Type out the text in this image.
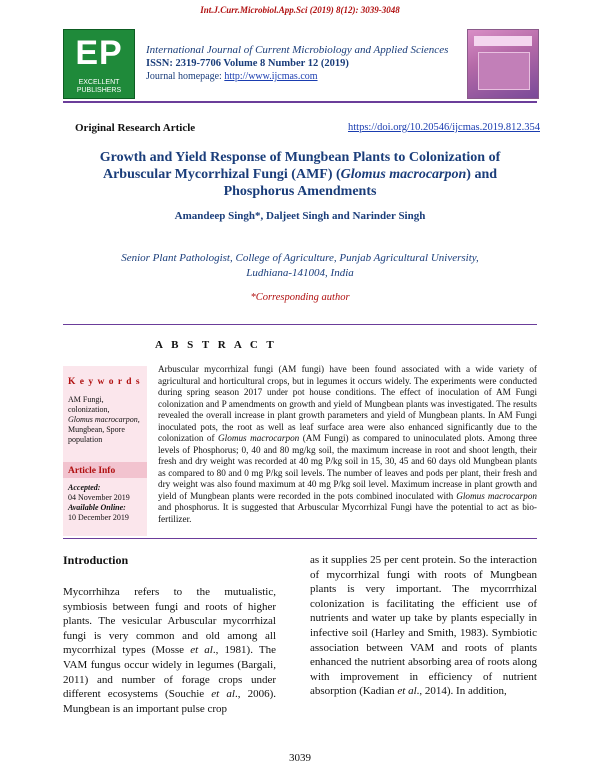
Int.J.Curr.Microbiol.App.Sci (2019) 8(12): 3039-3048
EP
EXCELLENT
PUBLISHERS
International Journal of Current Microbiology and Applied Sciences
ISSN: 2319-7706 Volume 8 Number 12 (2019)
Journal homepage: http://www.ijcmas.com
Original Research Article	https://doi.org/10.20546/ijcmas.2019.812.354
Growth and Yield Response of Mungbean Plants to Colonization of Arbuscular Mycorrhizal Fungi (AMF) (Glomus macrocarpon) and Phosphorus Amendments
Amandeep Singh*, Daljeet Singh and Narinder Singh
Senior Plant Pathologist, College of Agriculture, Punjab Agricultural University,
Ludhiana-141004, India
*Corresponding author
A B S T R A C T
K e y w o r d s
AM Fungi,
colonization,
Glomus macrocarpon,
Mungbean, Spore population
Article Info
Accepted:
04 November 2019
Available Online:
10 December 2019
Arbuscular mycorrhizal fungi (AM fungi) have been found associated with a wide variety of agricultural and horticultural crops, but in legumes it occurs widely. The experiments were conducted during spring season 2017 under pot house conditions. The effect of inoculation of AM Fungi colonization and P amendments on growth and yield of Mungbean plants was investigated. The results revealed the overall increase in plant growth parameters and yield of Mungbean plants. In AM Fungi inoculated pots, the root as well as leaf surface area were also enhanced significantly due to the colonization of Glomus macrocarpon (AM Fungi) as compared to uninoculated plots. Among three levels of Phosphorus; 0, 40 and 80 mg/kg soil, the maximum increase in root and shoot length, their fresh and dry weight was recorded at 40 mg P/kg soil in 15, 30, 45 and 60 days old Mungbean plants as compared to 80 and 0 mg P/kg soil levels. The number of leaves and pods per plant, their fresh and dry weight was also found maximum at 40 mg P/kg soil level. Maximum increase in plant growth and yield of Mungbean plants were recorded in the pots combined inoculated with Glomus macrocarpon and phosphorus. It is suggested that Arbuscular Mycorrhizal Fungi have the potential to act as bio-fertilizer.
Introduction
Mycorrhihza refers to the mutualistic, symbiosis between fungi and roots of higher plants. The vesicular Arbuscular mycorrhizal fungi is very common and old among all mycorrhizal types (Mosse et al., 1981). The VAM fungus occur widely in legumes (Bargali, 2011) and number of forage crops under different ecosystems (Souchie et al., 2006). Mungbean is an important pulse crop
as it supplies 25 per cent protein. So the interaction of mycorrhizal fungi with roots of Mungbean plants is very important. The mycorrrhizal colonization is facilitating the efficient use of nutrients and water up take by plants especially in infective soil (Harley and Smith, 1983). Symbiotic association between VAM and roots of plants enhanced the nutrient absorbing area of roots along with improvement in efficiency of nutrient absorption (Kadian et al., 2014). In addition,
3039
